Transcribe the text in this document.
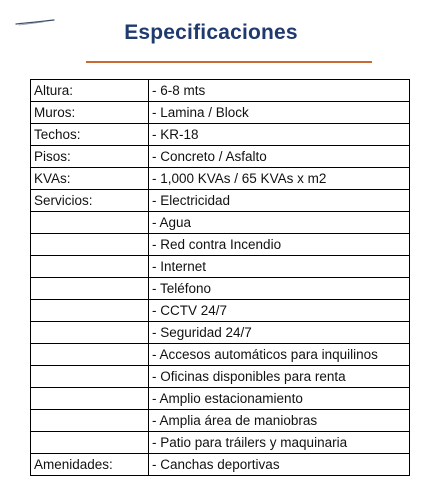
Especificaciones
Altura:	- 6-8 mts
Muros:	- Lamina / Block
Techos:	- KR-18
Pisos:	- Concreto / Asfalto
KVAs:	- 1,000 KVAs / 65 KVAs x m2
Servicios:	- Electricidad
	- Agua
	- Red contra Incendio
	- Internet
	- Teléfono
	- CCTV 24/7
	- Seguridad 24/7
	- Accesos automáticos para inquilinos
	- Oficinas disponibles para renta
	- Amplio estacionamiento
	- Amplia área de maniobras
	- Patio para tráilers y maquinaria
Amenidades:	- Canchas deportivas
